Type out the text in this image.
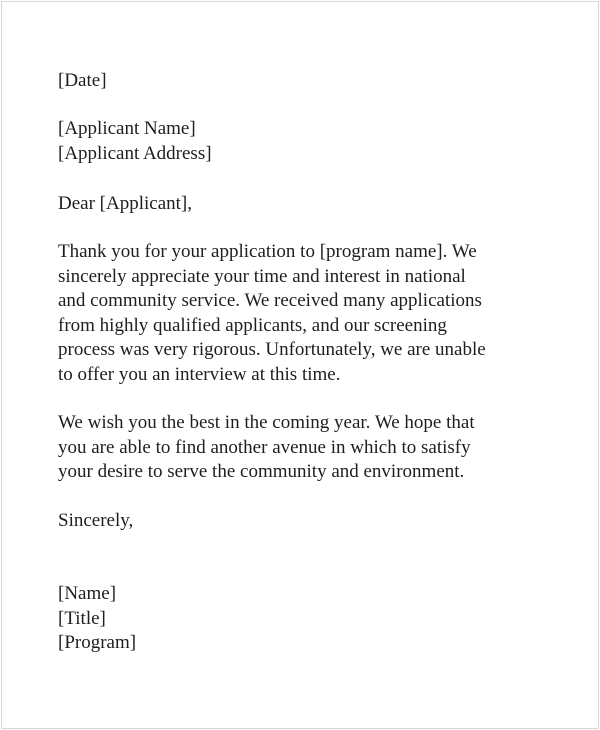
[Date]
[Applicant Name]
[Applicant Address]
Dear [Applicant],
Thank you for your application to [program name]. We
sincerely appreciate your time and interest in national
and community service. We received many applications
from highly qualified applicants, and our screening
process was very rigorous. Unfortunately, we are unable
to offer you an interview at this time.
We wish you the best in the coming year. We hope that
you are able to find another avenue in which to satisfy
your desire to serve the community and environment.
Sincerely,
[Name]
[Title]
[Program]
